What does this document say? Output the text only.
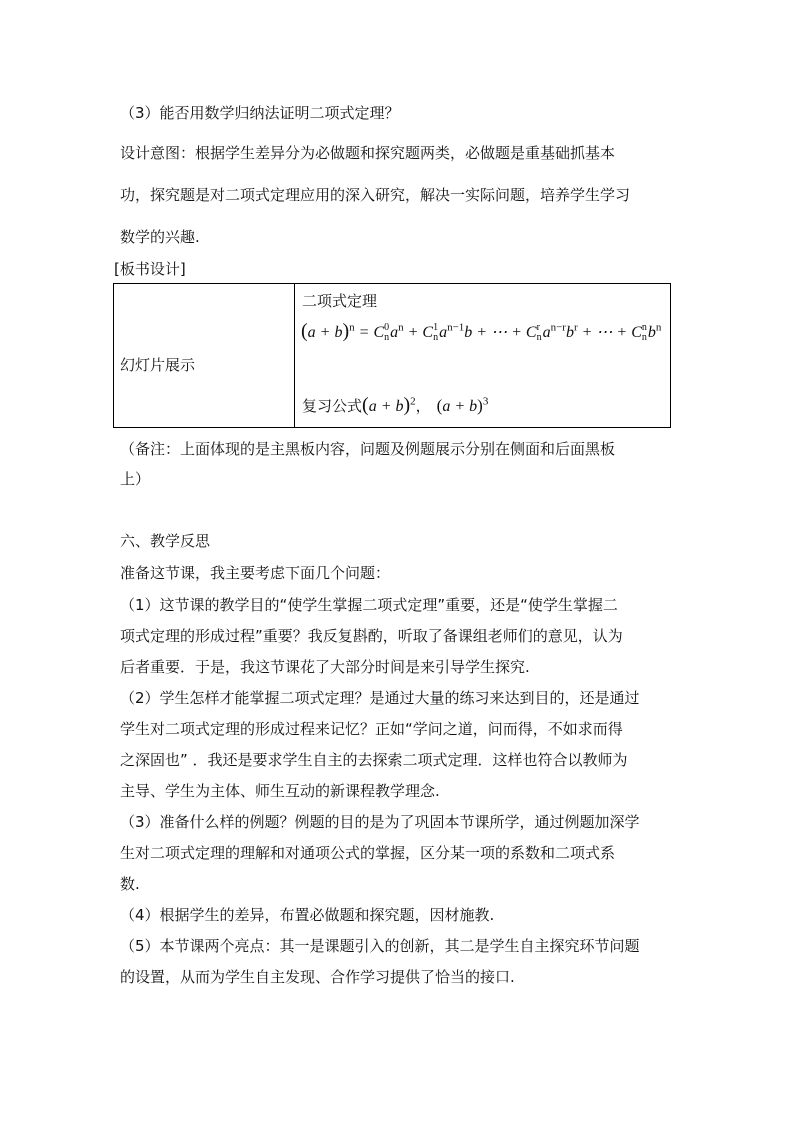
（3）能否用数学归纳法证明二项式定理？
设计意图：根据学生差异分为必做题和探究题两类，必做题是重基础抓基本
功，探究题是对二项式定理应用的深入研究，解决一实际问题，培养学生学习
数学的兴趣.
[板书设计]
幻灯片展示

二项式定理
$(a + b)^n = C$ 0
n $a^n + C$ 1
n $a^{n-1}b$ + ⋯ + C r
n $a^{n-r}b^r$ + ⋯ + C n
n $b^n$
复习公式$(a + b)^2$， $(a + b)^3$
（备注：上面体现的是主黑板内容，问题及例题展示分别在侧面和后面黑板
上）
六、教学反思
准备这节课，我主要考虑下面几个问题：
（1）这节课的教学目的“使学生掌握二项式定理”重要，还是“使学生掌握二
项式定理的形成过程”重要？我反复斟酌，听取了备课组老师们的意见，认为
后者重要．于是，我这节课花了大部分时间是来引导学生探究.
（2）学生怎样才能掌握二项式定理？是通过大量的练习来达到目的，还是通过
学生对二项式定理的形成过程来记忆？正如“学问之道，问而得，不如求而得
之深固也” ．我还是要求学生自主的去探索二项式定理．这样也符合以教师为
主导、学生为主体、师生互动的新课程教学理念.
（3）准备什么样的例题？例题的目的是为了巩固本节课所学，通过例题加深学
生对二项式定理的理解和对通项公式的掌握，区分某一项的系数和二项式系
数.
（4）根据学生的差异，布置必做题和探究题，因材施教.
（5）本节课两个亮点：其一是课题引入的创新，其二是学生自主探究环节问题
的设置，从而为学生自主发现、合作学习提供了恰当的接口.
